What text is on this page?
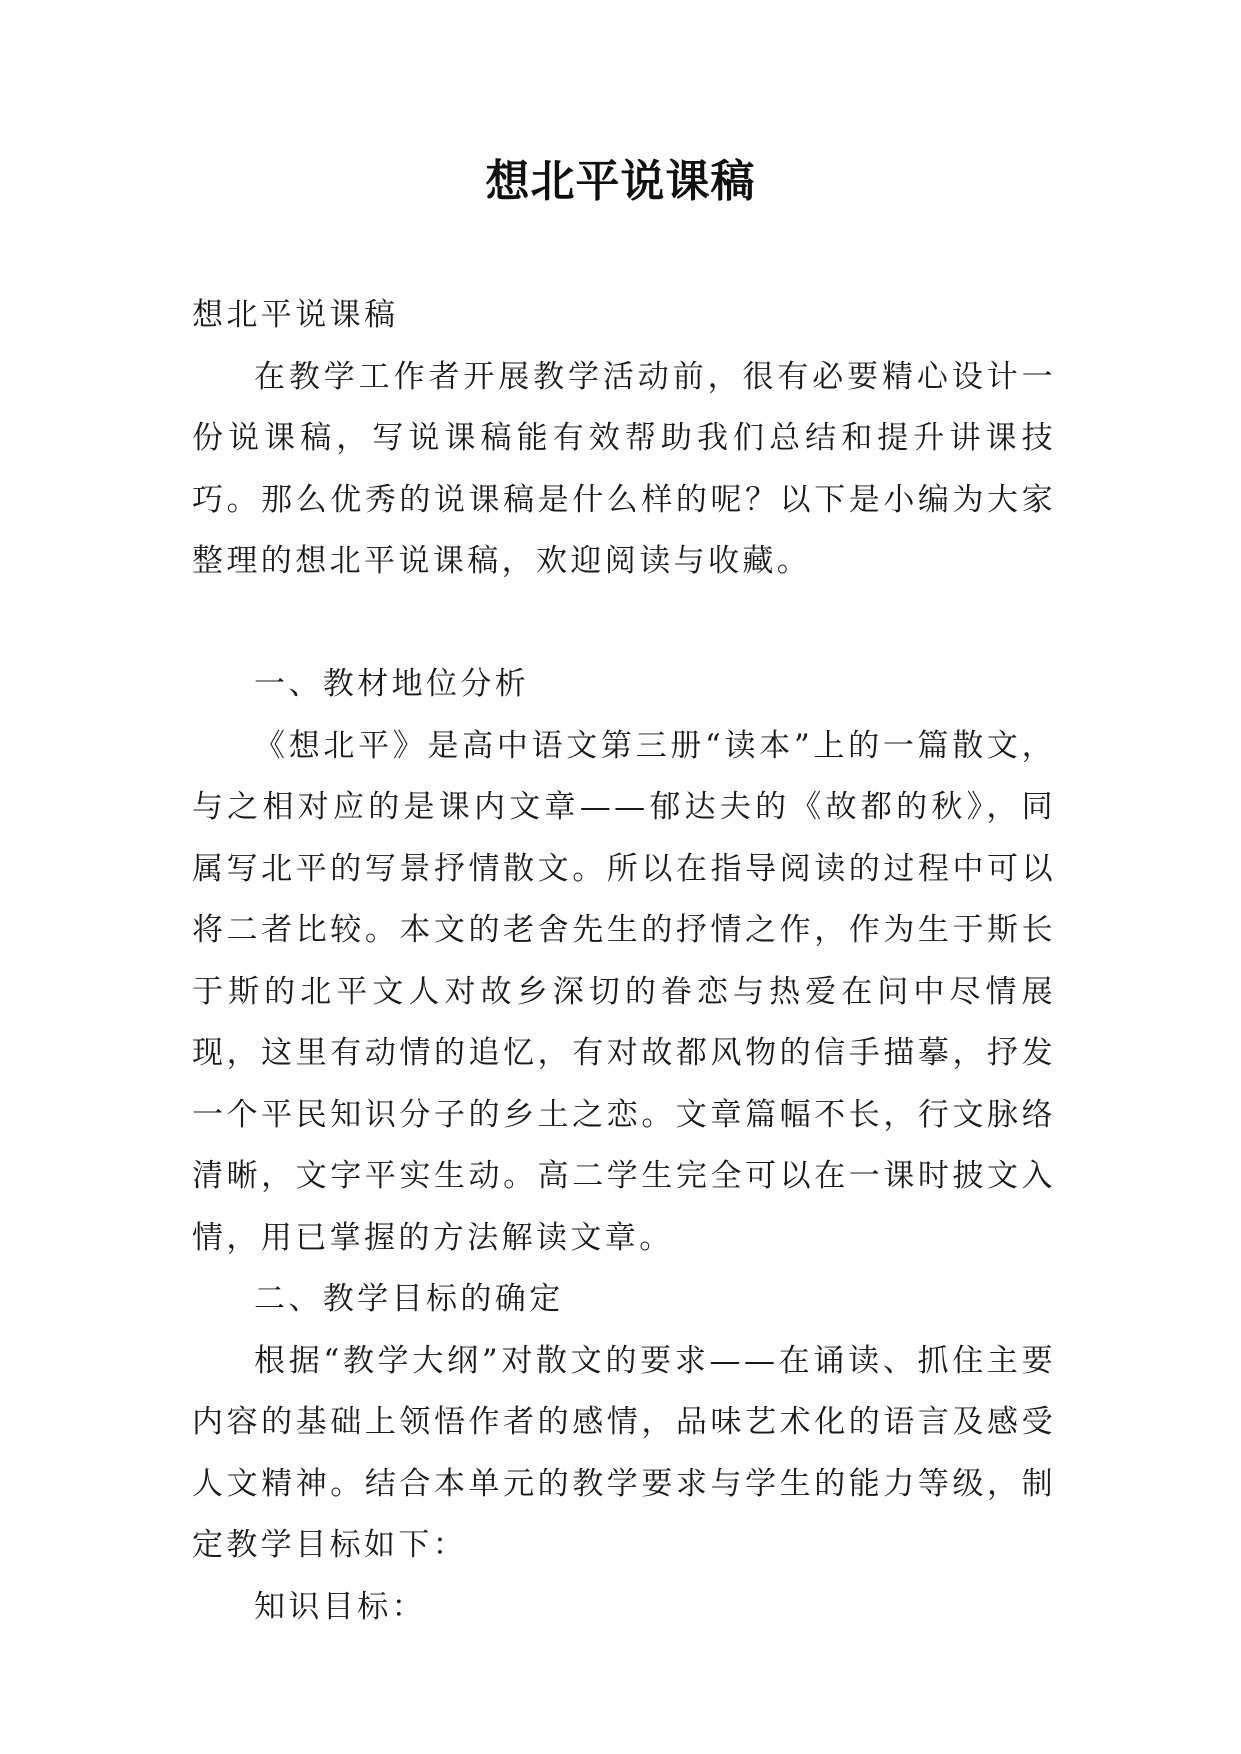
想北平说课稿

想北平说课稿

在教学工作者开展教学活动前，很有必要精心设计一份说课稿，写说课稿能有效帮助我们总结和提升讲课技巧。那么优秀的说课稿是什么样的呢？以下是小编为大家整理的想北平说课稿，欢迎阅读与收藏。

一、教材地位分析

《想北平》是高中语文第三册“读本”上的一篇散文，与之相对应的是课内文章——郁达夫的《故都的秋》，同属写北平的写景抒情散文。所以在指导阅读的过程中可以将二者比较。本文的老舍先生的抒情之作，作为生于斯长于斯的北平文人对故乡深切的眷恋与热爱在问中尽情展现，这里有动情的追忆，有对故都风物的信手描摹，抒发一个平民知识分子的乡土之恋。文章篇幅不长，行文脉络清晰，文字平实生动。高二学生完全可以在一课时披文入情，用已掌握的方法解读文章。

二、教学目标的确定

根据“教学大纲”对散文的要求——在诵读、抓住主要内容的基础上领悟作者的感情，品味艺术化的语言及感受人文精神。结合本单元的教学要求与学生的能力等级，制定教学目标如下：

知识目标：
